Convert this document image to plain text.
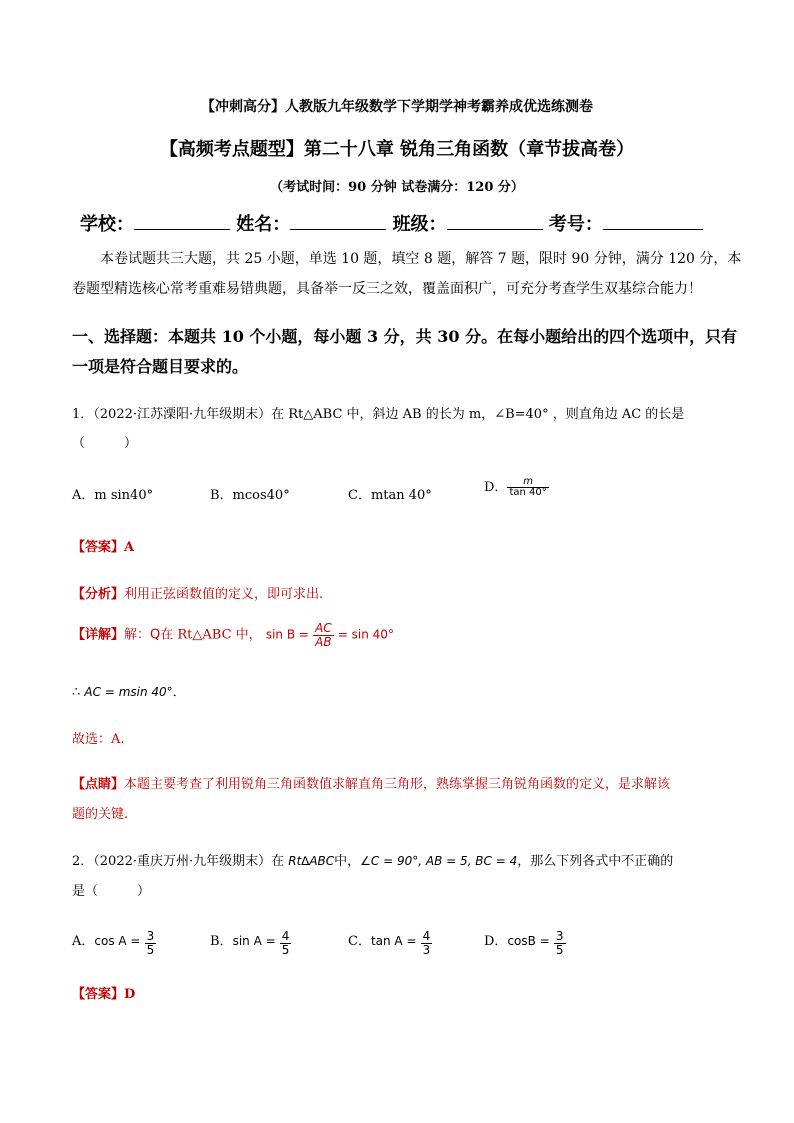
【冲刺高分】人教版九年级数学下学期学神考霸养成优选练测卷
【高频考点题型】第二十八章 锐角三角函数（章节拔高卷）
（考试时间：90 分钟 试卷满分：120 分）
学校：	姓名：	班级：	考号：
本卷试题共三大题，共 25 小题，单选 10 题，填空 8 题，解答 7 题，限时 90 分钟，满分 120 分，本
卷题型精选核心常考重难易错典题，具备举一反三之效，覆盖面积广，可充分考查学生双基综合能力！
一、选择题：本题共 10 个小题，每小题 3 分，共 30 分。在每小题给出的四个选项中，只有
一项是符合题目要求的。
1．（2022·江苏溧阳·九年级期末）在 Rt△ABC 中，斜边 AB 的长为 m，∠B=40° ，则直角边 AC 的长是
（　　　）
A．m sin40°	B．mcos40°	C．mtan 40°
D． $\frac{m}{\tan 40^\circ}$
【答案】A
【分析】利用正弦函数值的定义，即可求出.
【详解】解：Q在 Rt△ABC 中， $\sin B = \frac{AC}{AB} = \sin 40^\circ$
∴ AC = msin 40°．
故选：A.
【点睛】本题主要考查了利用锐角三角函数值求解直角三角形，熟练掌握三角锐角函数的定义，是求解该
题的关键.
2．（2022·重庆万州·九年级期末）在 Rt∆ABC中，∠C = 90°, AB = 5, BC = 4，那么下列各式中不正确的
是（　　　）
A．$\cos A = \frac{3}{5}$	B．$\sin A = \frac{4}{5}$	C．$\tan A = \frac{4}{3}$	D．$\cos B = \frac{3}{5}$
【答案】D
